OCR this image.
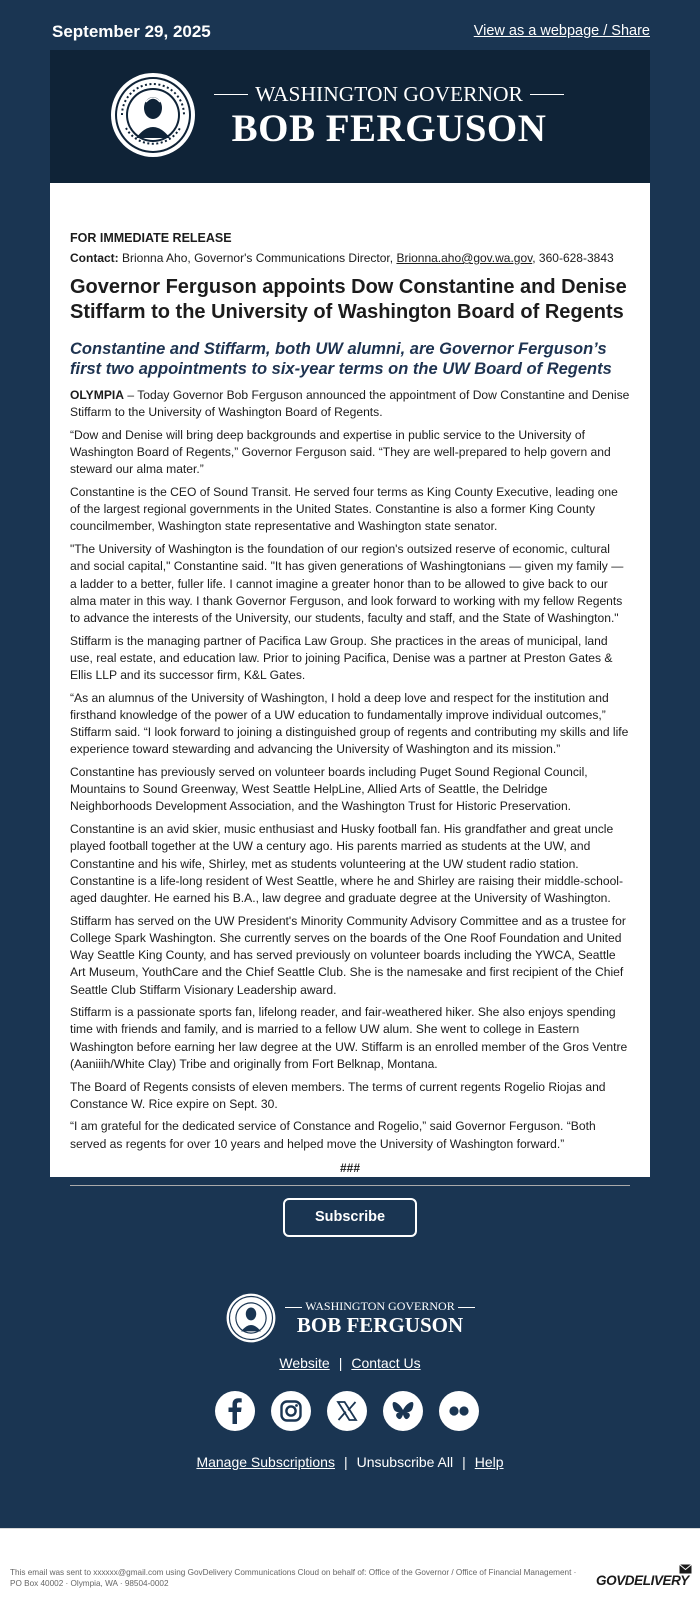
September 29, 2025	View as a webpage / Share
WASHINGTON GOVERNOR
BOB FERGUSON

FOR IMMEDIATE RELEASE

Contact: Brionna Aho, Governor's Communications Director, Brionna.aho@gov.wa.gov, 360-628-3843

Governor Ferguson appoints Dow Constantine and Denise Stiffarm to the University of Washington Board of Regents
Constantine and Stiffarm, both UW alumni, are Governor Ferguson’s first two appointments to six-year terms on the UW Board of Regents

OLYMPIA – Today Governor Bob Ferguson announced the appointment of Dow Constantine and Denise Stiffarm to the University of Washington Board of Regents.

“Dow and Denise will bring deep backgrounds and expertise in public service to the University of Washington Board of Regents,” Governor Ferguson said. “They are well-prepared to help govern and steward our alma mater.”

Constantine is the CEO of Sound Transit. He served four terms as King County Executive, leading one of the largest regional governments in the United States. Constantine is also a former King County councilmember, Washington state representative and Washington state senator.

"The University of Washington is the foundation of our region's outsized reserve of economic, cultural and social capital," Constantine said. "It has given generations of Washingtonians — given my family — a ladder to a better, fuller life. I cannot imagine a greater honor than to be allowed to give back to our alma mater in this way. I thank Governor Ferguson, and look forward to working with my fellow Regents to advance the interests of the University, our students, faculty and staff, and the State of Washington."

Stiffarm is the managing partner of Pacifica Law Group. She practices in the areas of municipal, land use, real estate, and education law. Prior to joining Pacifica, Denise was a partner at Preston Gates & Ellis LLP and its successor firm, K&L Gates.

“As an alumnus of the University of Washington, I hold a deep love and respect for the institution and firsthand knowledge of the power of a UW education to fundamentally improve individual outcomes,” Stiffarm said. “I look forward to joining a distinguished group of regents and contributing my skills and life experience toward stewarding and advancing the University of Washington and its mission.”

Constantine has previously served on volunteer boards including Puget Sound Regional Council, Mountains to Sound Greenway, West Seattle HelpLine, Allied Arts of Seattle, the Delridge Neighborhoods Development Association, and the Washington Trust for Historic Preservation.

Constantine is an avid skier, music enthusiast and Husky football fan. His grandfather and great uncle played football together at the UW a century ago. His parents married as students at the UW, and Constantine and his wife, Shirley, met as students volunteering at the UW student radio station. Constantine is a life-long resident of West Seattle, where he and Shirley are raising their middle-school-aged daughter. He earned his B.A., law degree and graduate degree at the University of Washington.

Stiffarm has served on the UW President's Minority Community Advisory Committee and as a trustee for College Spark Washington. She currently serves on the boards of the One Roof Foundation and United Way Seattle King County, and has served previously on volunteer boards including the YWCA, Seattle Art Museum, YouthCare and the Chief Seattle Club. She is the namesake and first recipient of the Chief Seattle Club Stiffarm Visionary Leadership award.

Stiffarm is a passionate sports fan, lifelong reader, and fair-weathered hiker. She also enjoys spending time with friends and family, and is married to a fellow UW alum. She went to college in Eastern Washington before earning her law degree at the UW. Stiffarm is an enrolled member of the Gros Ventre (Aaniiih/White Clay) Tribe and originally from Fort Belknap, Montana.

The Board of Regents consists of eleven members. The terms of current regents Rogelio Riojas and Constance W. Rice expire on Sept. 30.

“I am grateful for the dedicated service of Constance and Rogelio,” said Governor Ferguson. “Both served as regents for over 10 years and helped move the University of Washington forward.”

###
Subscribe
WASHINGTON GOVERNOR
BOB FERGUSON
Website | Contact Us
Manage Subscriptions | Unsubscribe All | Help
This email was sent to xxxxxx@gmail.com using GovDelivery Communications Cloud on behalf of: Office of the Governor / Office of Financial Management · PO Box 40002 · Olympia, WA · 98504-0002	GOVDELIVERY
